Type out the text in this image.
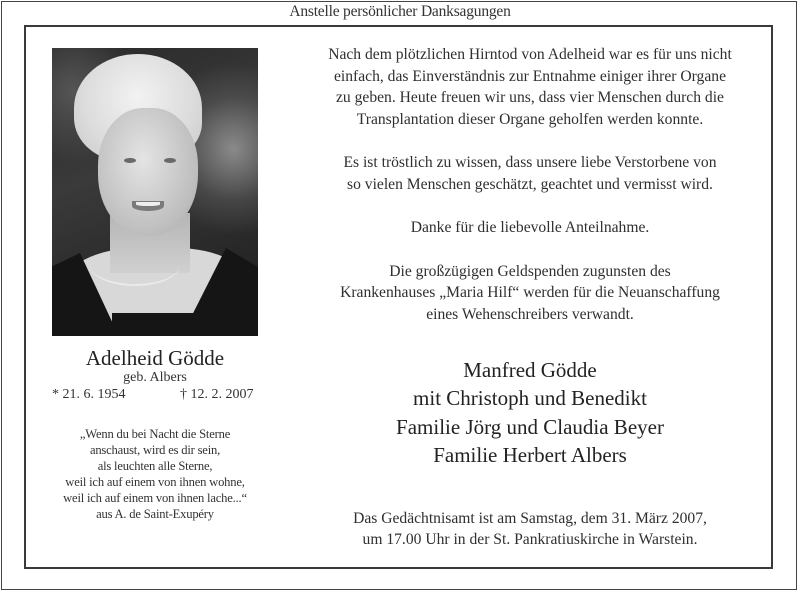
Anstelle persönlicher Danksagungen
Adelheid Gödde
geb. Albers
* 21. 6. 1954	† 12. 2. 2007
„Wenn du bei Nacht die Sterne
anschaust, wird es dir sein,
als leuchten alle Sterne,
weil ich auf einem von ihnen wohne,
weil ich auf einem von ihnen lache...“
aus A. de Saint-Exupéry

Nach dem plötzlichen Hirntod von Adelheid war es für uns nicht
einfach, das Einverständnis zur Entnahme einiger ihrer Organe
zu geben. Heute freuen wir uns, dass vier Menschen durch die
Transplantation dieser Organe geholfen werden konnte.

Es ist tröstlich zu wissen, dass unsere liebe Verstorbene von
so vielen Menschen geschätzt, geachtet und vermisst wird.

Danke für die liebevolle Anteilnahme.

Die großzügigen Geldspenden zugunsten des
Krankenhauses „Maria Hilf“ werden für die Neuanschaffung
eines Wehenschreibers verwandt.

Manfred Gödde
mit Christoph und Benedikt
Familie Jörg und Claudia Beyer
Familie Herbert Albers
Das Gedächtnisamt ist am Samstag, dem 31. März 2007,
um 17.00 Uhr in der St. Pankratiuskirche in Warstein.
